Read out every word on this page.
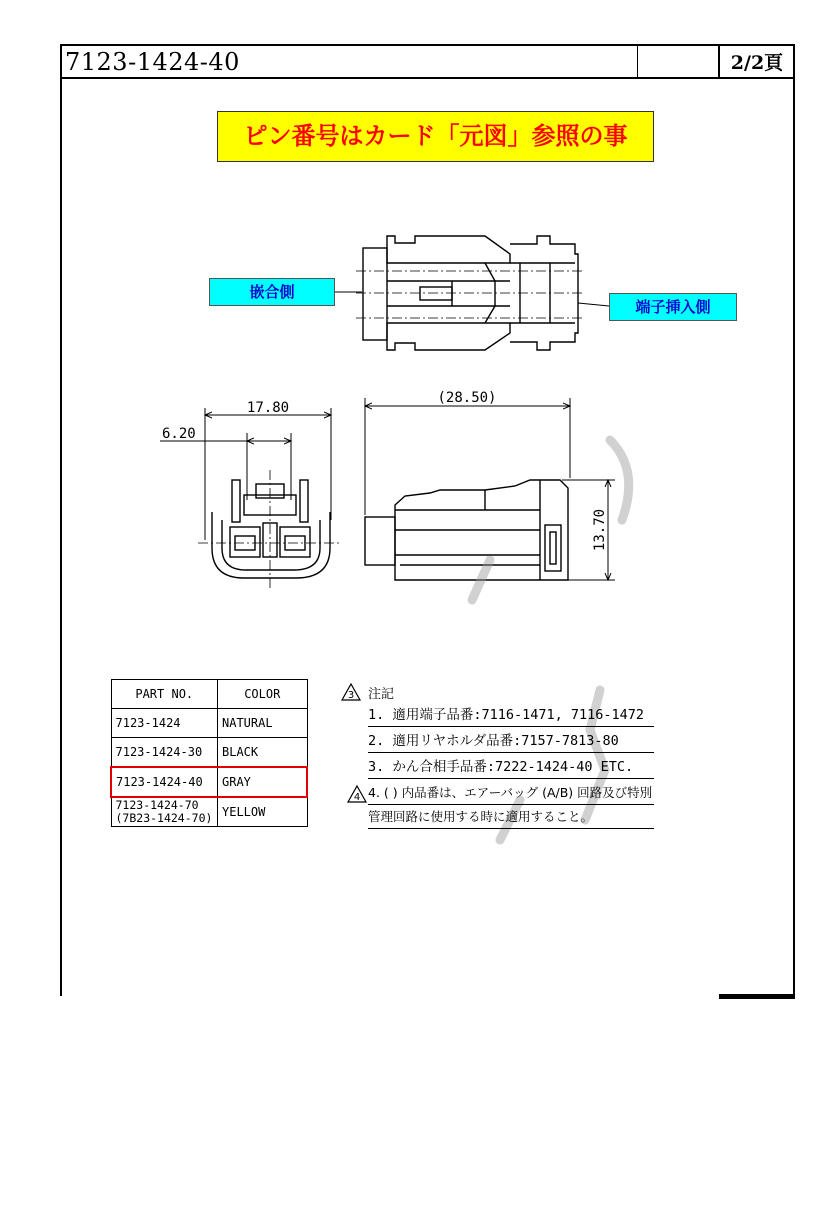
7123-1424-40	2/2頁
ピン番号はカード「元図」参照の事
嵌合側
端子挿入側
17.80
6.20
(28.50)
13.70
PART NO.	COLOR
7123-1424	NATURAL
7123-1424-30	BLACK
7123-1424-40	GRAY

7123-1424-70
(7B23-1424-70)	YELLOW
3 注記
1. 適用端子品番:7116-1471, 7116-1472
2. 適用リヤホルダ品番:7157-7813-80
3. かん合相手品番:7222-1424-40 ETC.
4 4. ( ) 内品番は、エアーバッグ (A/B) 回路及び特別
管理回路に使用する時に適用すること。
